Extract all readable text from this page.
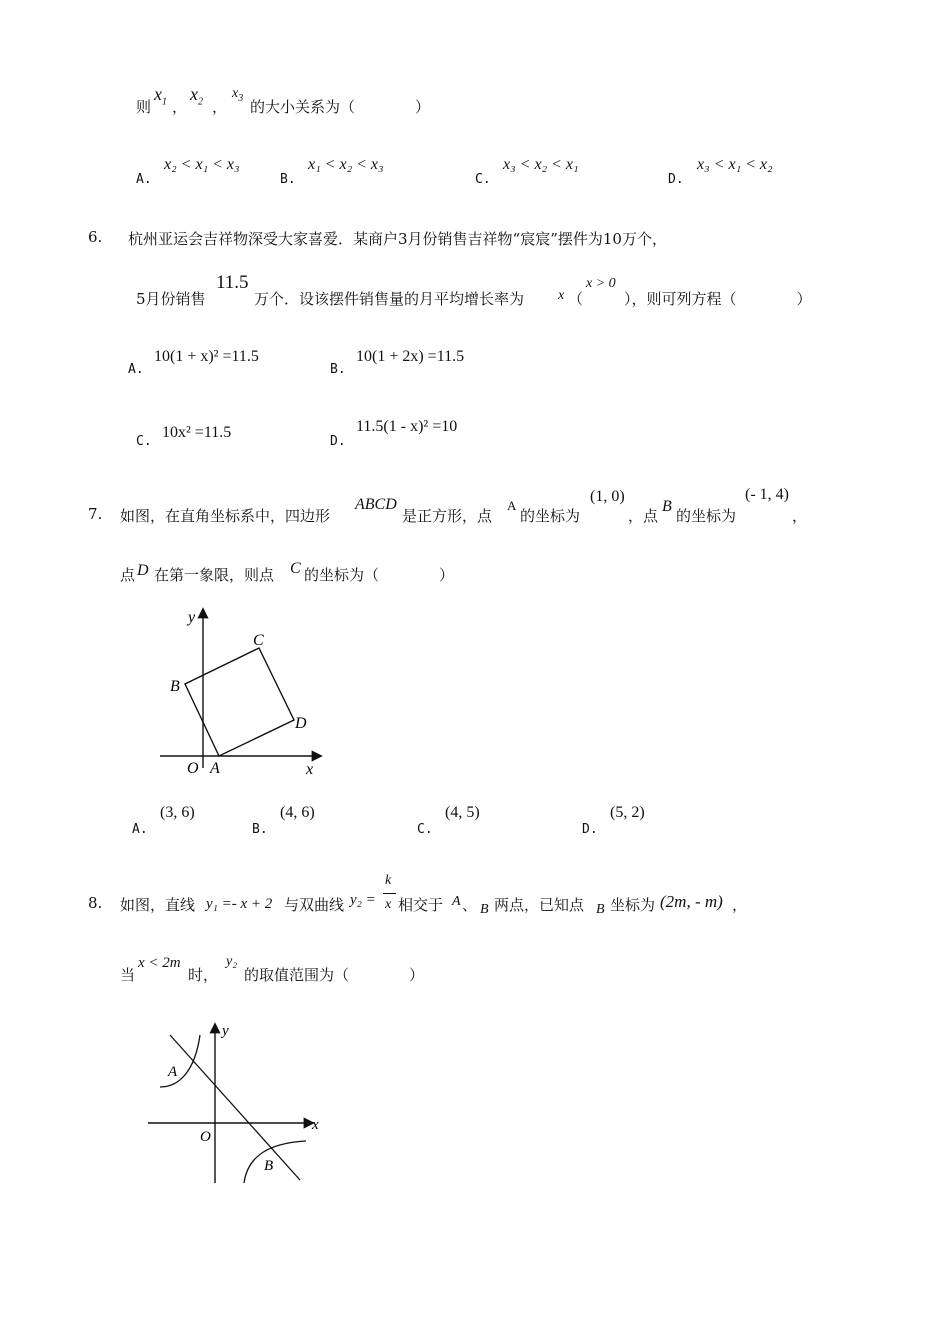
则
$x_1$ ，
$x_2$ ，
$x_3$ 的大小关系为（　　　　）
A.
x₂ < x₁ < x₃
B.
x₁ < x₂ < x₃
C.
x₃ < x₂ < x₁
D.
x₃ < x₁ < x₂
6. 杭州亚运会吉祥物深受大家喜爱．某商户3月份销售吉祥物“宸宸”摆件为10万个，
5月份销售
11.5
万个．设该摆件销售量的月平均增长率为 x （
x > 0
），则可列方程（　　　　）
A.
10(1 + x)² =11.5
B.
10(1 + 2x) =11.5
C.
10x² =11.5
D.
11.5(1 - x)² =10
7. 如图，在直角坐标系中，四边形
ABCD
是正方形，点
A
的坐标为
(1, 0)
，点
B
的坐标为
(- 1, 4)
，
点 D 在第一象限，则点 C 的坐标为（　　　　）
y
x
O A
B
C
D
A.
(3, 6)
B.
(4, 6)
C.
(4, 5)
D.
(5, 2)
8. 如图，直线 y₁ =- x + 2 与双曲线 y₂ =
k
x 相交于 A 、 B 两点，已知点 B 坐标为 (2m, - m) ，
当
x < 2m
时，
y₂
的取值范围为（　　　　）
y
x
O
A
B
